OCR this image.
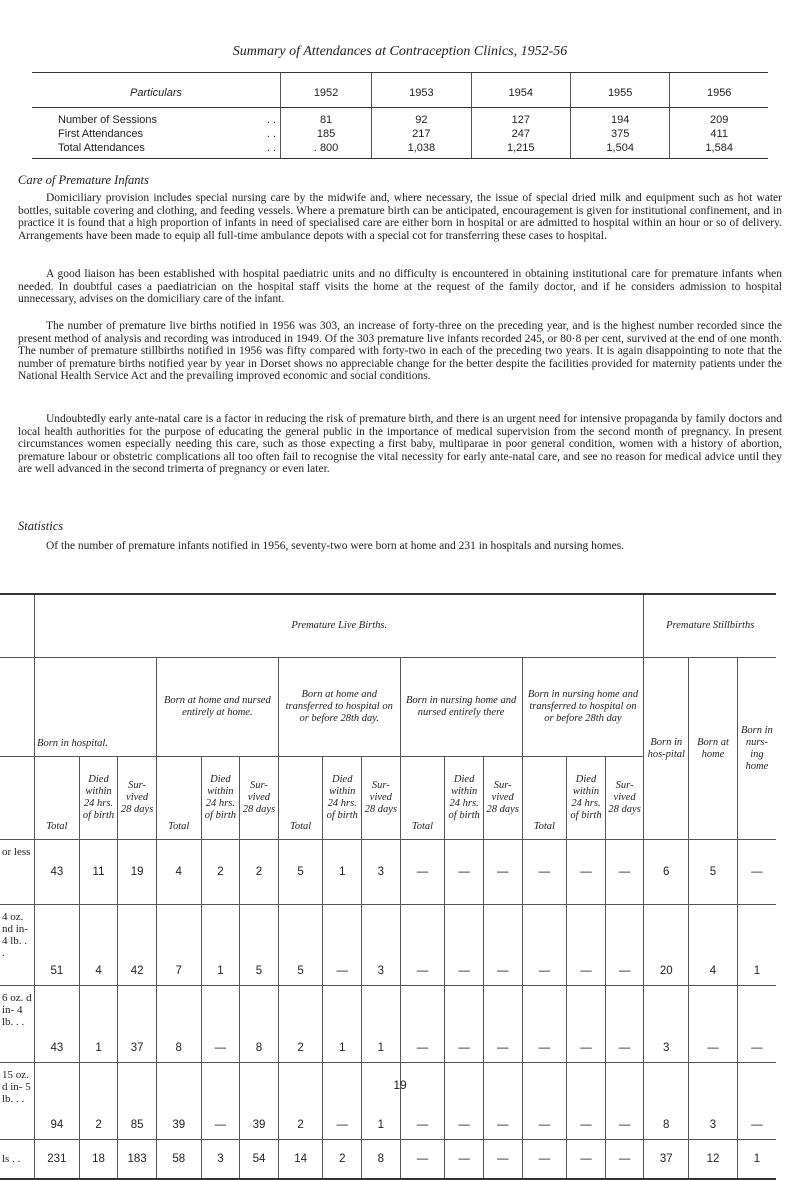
Summary of Attendances at Contraception Clinics, 1952-56
Particulars	1952	1953	1954	1955	1956
Number of Sessions . .	81	92	127	194	209
First Attendances . .	185	217	247	375	411
Total Attendances . .	. 800	1,038	1,215	1,504	1,584
Care of Premature Infants

Domiciliary provision includes special nursing care by the midwife and, where necessary, the issue of special dried milk and equipment such as hot water bottles, suitable covering and clothing, and feeding vessels. Where a premature birth can be anticipated, encouragement is given for institutional confinement, and in practice it is found that a high proportion of infants in need of specialised care are either born in hospital or are admitted to hospital within an hour or so of delivery. Arrangements have been made to equip all full-time ambulance depots with a special cot for transferring these cases to hospital.

A good liaison has been established with hospital paediatric units and no difficulty is encountered in obtaining institutional care for premature infants when needed. In doubtful cases a paediatrician on the hospital staff visits the home at the request of the family doctor, and if he considers admission to hospital unnecessary, advises on the domiciliary care of the infant.

The number of premature live births notified in 1956 was 303, an increase of forty-three on the preceding year, and is the highest number recorded since the present method of analysis and recording was introduced in 1949. Of the 303 premature live infants recorded 245, or 80·8 per cent, survived at the end of one month. The number of premature stillbirths notified in 1956 was fifty compared with forty-two in each of the preceding two years. It is again disappointing to note that the number of premature births notified year by year in Dorset shows no appreciable change for the better despite the facilities provided for maternity patients under the National Health Service Act and the prevailing improved economic and social conditions.

Undoubtedly early ante-natal care is a factor in reducing the risk of premature birth, and there is an urgent need for intensive propaganda by family doctors and local health authorities for the purpose of educating the general public in the importance of medical supervision from the second month of pregnancy. In present circumstances women especially needing this care, such as those expecting a first baby, multiparae in poor general condition, women with a history of abortion, premature labour or obstetric complications all too often fail to recognise the vital necessity for early ante-natal care, and see no reason for medical advice until they are well advanced in the second trimerta of pregnancy or even later.

Statistics

Of the number of premature infants notified in 1956, seventy-two were born at home and 231 in hospitals and nursing homes.

	Premature Live Births.															Premature Stillbirths		
	Born in hospital.			Born at home and nursed entirely at home.			Born at home and transferred to hospital on or before 28th day.			Born in nursing home and nursed entirely there			Born in nursing home and transferred to hospital on or before 28th day			Born in hos-pital	Born at home	Born ﻿in nurs-ing home
	Total	Died within 24 hrs. of birth	Sur-vived 28 days	Total	Died within 24 hrs. of birth	Sur-vived 28 days	Total	Died within 24 hrs. of birth	Sur-vived 28 days	Total	Died within 24 hrs. of birth	Sur-vived 28 days	Total	Died within 24 hrs. of birth	Sur-vived 28 days			
or less	43	11	19	4	2	2	5	1	3	—	—	—	—	—	—	6	5	—
4 oz. nd in- 4 lb. . .	51	4	42	7	1	5	5	—	3	—	—	—	—	—	—	20	4	1
6 oz. d in- 4 lb. . .	43	1	37	8	—	8	2	1	1	—	—	—	—	—	—	3	—	—
15 oz. d in- 5 lb. . .	94	2	85	39	—	39	2	—	1	—	—	—	—	—	—	8	3	—
ls . .	231	18	183	58	3	54	14	2	8	—	—	—	—	—	—	37	12	1
19
